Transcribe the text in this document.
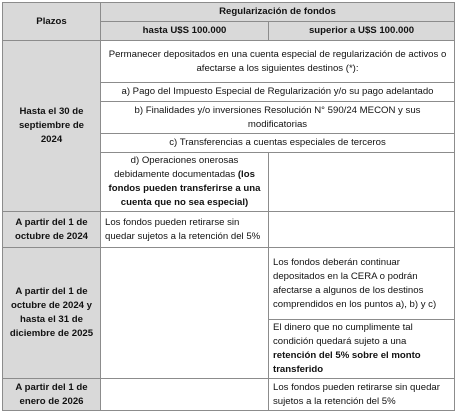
Plazos	Regularización de fondos	
	hasta U$S 100.000	superior a U$S 100.000
Hasta el 30 de septiembre de 2024	Permanecer depositados en una cuenta especial de regularización de activos o afectarse a los siguientes destinos (*):	
	a) Pago del Impuesto Especial de Regularización y/o su pago adelantado	
	b) Finalidades y/o inversiones Resolución N° 590/24 MECON y sus modificatorias	
	c) Transferencias a cuentas especiales de terceros	
	d) Operaciones onerosas debidamente documentadas (los fondos pueden transferirse a una cuenta que no sea especial)	
A partir del 1 de octubre de 2024	Los fondos pueden retirarse sin quedar sujetos a la retención del 5%	
A partir del 1 de octubre de 2024 y hasta el 31 de diciembre de 2025		Los fondos deberán continuar depositados en la CERA o podrán afectarse a algunos de los destinos comprendidos en los puntos a), b) y c)
		El dinero que no cumplimente tal condición quedará sujeto a una retención del 5% sobre el monto transferido
A partir del 1 de enero de 2026		Los fondos pueden retirarse sin quedar sujetos a la retención del 5%
